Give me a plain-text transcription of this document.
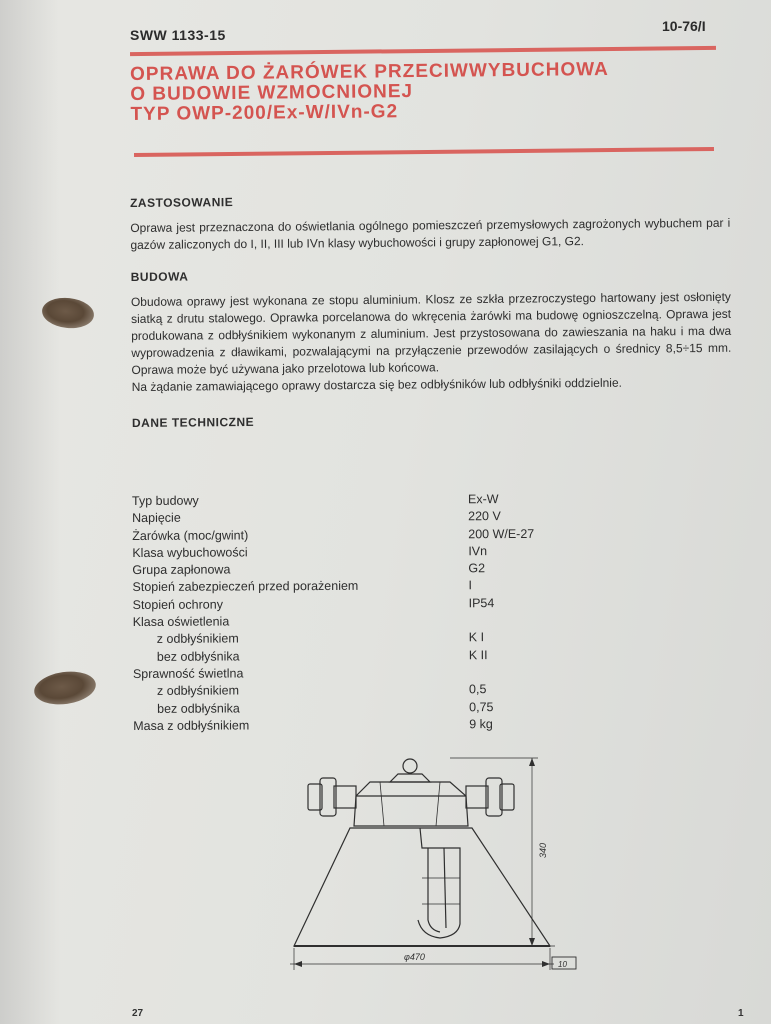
SWW 1133-15
10-76/I
OPRAWA DO ŻARÓWEK PRZECIWWYBUCHOWA
O BUDOWIE WZMOCNIONEJ
TYP OWP-200/Ex-W/IVn-G2
ZASTOSOWANIE

Oprawa jest przeznaczona do oświetlania ogólnego pomieszczeń przemysłowych zagrożonych wybuchem par i gazów zaliczonych do I, II, III lub IVn klasy wybuchowości i grupy zapłonowej G1, G2.

BUDOWA

Obudowa oprawy jest wykonana ze stopu aluminium. Klosz ze szkła przezroczystego hartowany jest osłonięty siatką z drutu stalowego. Oprawka porcelanowa do wkręcenia żarówki ma budowę ognioszczelną. Oprawa jest produkowana z odbłyśnikiem wykonanym z aluminium. Jest przystosowana do zawieszania na haku i ma dwa wyprowadzenia z dławikami, pozwalającymi na przyłączenie przewodów zasilających o średnicy 8,5÷15 mm. Oprawa może być używana jako przelotowa lub końcowa.

Na żądanie zamawiającego oprawy dostarcza się bez odbłyśników lub odbłyśniki oddzielnie.

DANE TECHNICZNE
Typ budowy	Ex-W
Napięcie	220 V
Żarówka (moc/gwint)	200 W/E-27
Klasa wybuchowości	IVn
Grupa zapłonowa	G2
Stopień zabezpieczeń przed porażeniem	I
Stopień ochrony	IP54
Klasa oświetlenia
z odbłyśnikiem	K I
bez odbłyśnika	K II
Sprawność świetlna
z odbłyśnikiem	0,5
bez odbłyśnika	0,75
Masa z odbłyśnikiem	9 kg
340
φ470
10
27	1
